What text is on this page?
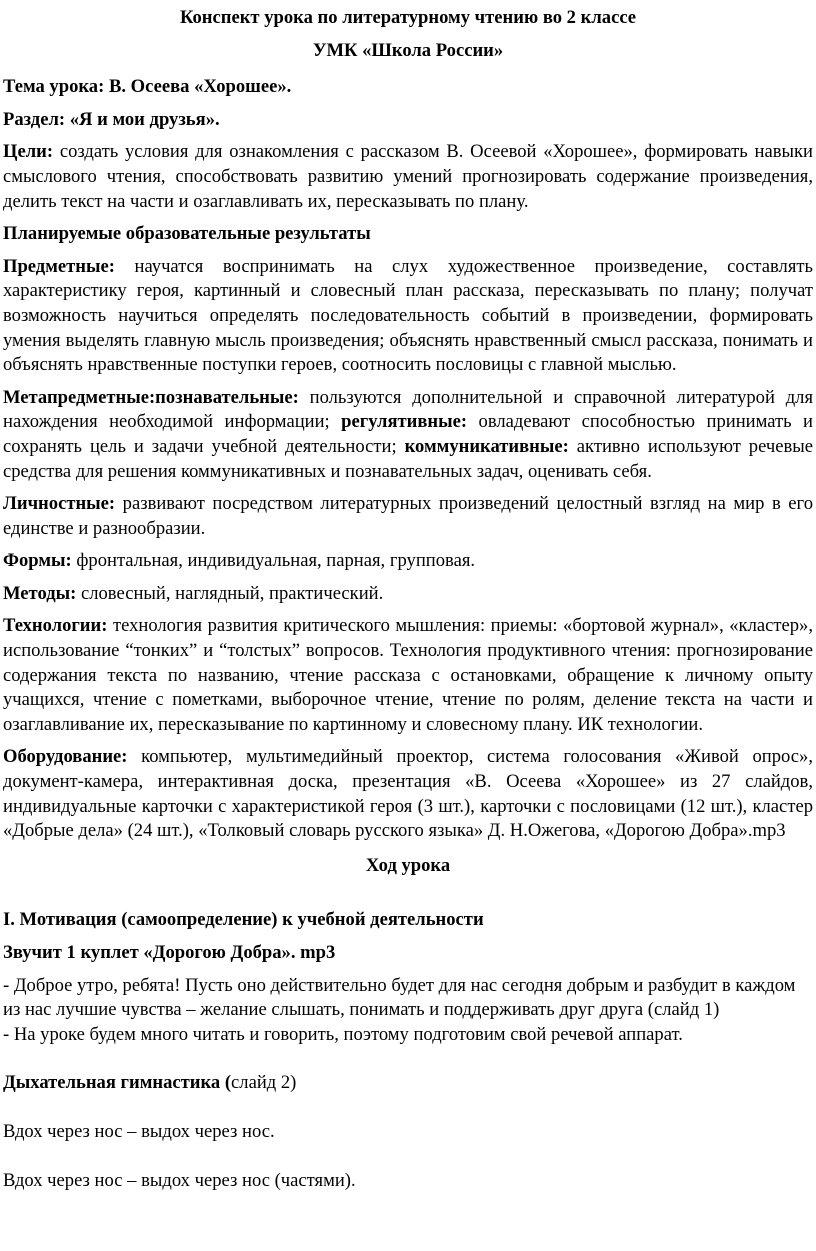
Конспект урока по литературному чтению во 2 классе

УМК «Школа России»

Тема урока: В. Осеева «Хорошее».

Раздел: «Я и мои друзья».

Цели: создать условия для ознакомления с рассказом В. Осеевой «Хорошее», формировать навыки смыслового чтения, способствовать развитию умений прогнозировать содержание произведения, делить текст на части и озаглавливать их, пересказывать по плану.

Планируемые образовательные результаты

Предметные: научатся воспринимать на слух художественное произведение, составлять характеристику героя, картинный и словесный план рассказа, пересказывать по плану; получат возможность научиться определять последовательность событий в произведении, формировать умения выделять главную мысль произведения; объяснять нравственный смысл рассказа, понимать и объяснять нравственные поступки героев, соотносить пословицы с главной мыслью.

Метапредметные:познавательные: пользуются дополнительной и справочной литературой для нахождения необходимой информации; регулятивные: овладевают способностью принимать и сохранять цель и задачи учебной деятельности; коммуникативные: активно используют речевые средства для решения коммуникативных и познавательных задач, оценивать себя.

Личностные: развивают посредством литературных произведений целостный взгляд на мир в его единстве и разнообразии.

Формы: фронтальная, индивидуальная, парная, групповая.

Методы: словесный, наглядный, практический.

Технологии: технология развития критического мышления: приемы: «бортовой журнал», «кластер», использование “тонких” и “толстых” вопросов. Технология продуктивного чтения: прогнозирование содержания текста по названию, чтение рассказа с остановками, обращение к личному опыту учащихся, чтение с пометками, выборочное чтение, чтение по ролям, деление текста на части и озаглавливание их, пересказывание по картинному и словесному плану. ИК технологии.

Оборудование: компьютер, мультимедийный проектор, система голосования «Живой опрос», документ-камера, интерактивная доска, презентация «В. Осеева «Хорошее» из 27 слайдов, индивидуальные карточки с характеристикой героя (3 шт.), карточки с пословицами (12 шт.), кластер «Добрые дела» (24 шт.), «Толковый словарь русского языка» Д. Н.Ожегова, «Дорогою Добра».mp3

Ход урока

I. Мотивация (самоопределение) к учебной деятельности

Звучит 1 куплет «Дорогою Добра». mp3

- Доброе утро, ребята! Пусть оно действительно будет для нас сегодня добрым и разбудит в каждом из нас лучшие чувства – желание слышать, понимать и поддерживать друг друга (слайд 1)

- На уроке будем много читать и говорить, поэтому подготовим свой речевой аппарат.

Дыхательная гимнастика (слайд 2)

Вдох через нос – выдох через нос.

Вдох через нос – выдох через нос (частями).
